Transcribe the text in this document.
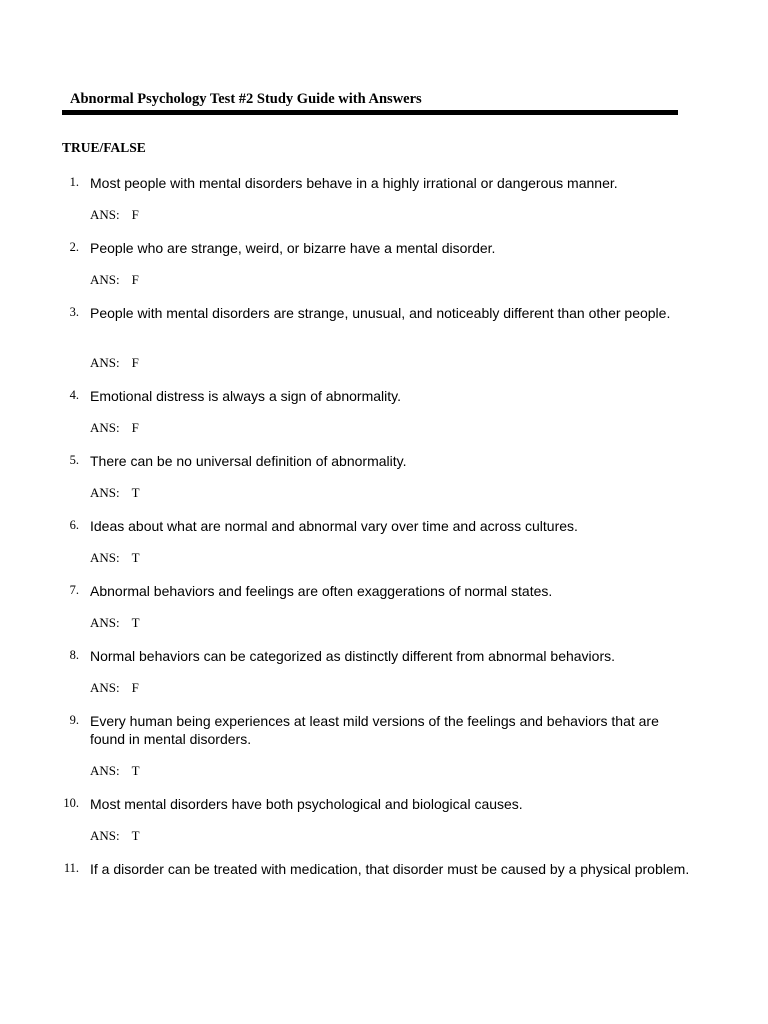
Abnormal Psychology Test #2 Study Guide with Answers
TRUE/FALSE
1. Most people with mental disorders behave in a highly irrational or dangerous manner.
ANS: F
2. People who are strange, weird, or bizarre have a mental disorder.
ANS: F
3. People with mental disorders are strange, unusual, and noticeably different than other people.
ANS: F
4. Emotional distress is always a sign of abnormality.
ANS: F
5. There can be no universal definition of abnormality.
ANS: T
6. Ideas about what are normal and abnormal vary over time and across cultures.
ANS: T
7. Abnormal behaviors and feelings are often exaggerations of normal states.
ANS: T
8. Normal behaviors can be categorized as distinctly different from abnormal behaviors.
ANS: F
9. Every human being experiences at least mild versions of the feelings and behaviors that are found in mental disorders.
ANS: T
10. Most mental disorders have both psychological and biological causes.
ANS: T
11. If a disorder can be treated with medication, that disorder must be caused by a physical problem.
